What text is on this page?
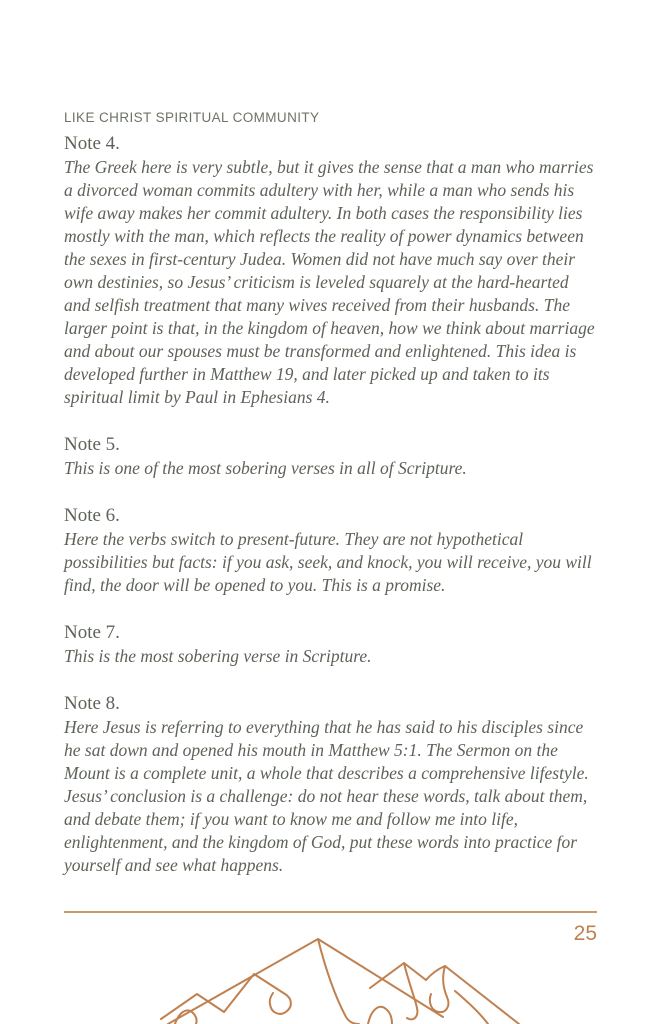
LIKE CHRIST SPIRITUAL COMMUNITY
Note 4.

The Greek here is very subtle, but it gives the sense that a man who marries a divorced woman commits adultery with her, while a man who sends his wife away makes her commit adultery. In both cases the responsibility lies mostly with the man, which reflects the reality of power dynamics between the sexes in first-century Judea. Women did not have much say over their own destinies, so Jesus’ criticism is leveled squarely at the hard-hearted and selfish treatment that many wives received from their husbands. The larger point is that, in the kingdom of heaven, how we think about marriage and about our spouses must be transformed and enlightened. This idea is developed further in Matthew 19, and later picked up and taken to its spiritual limit by Paul in Ephesians 4.

Note 5.

This is one of the most sobering verses in all of Scripture.

Note 6.

Here the verbs switch to present-future. They are not hypothetical possibilities but facts: if you ask, seek, and knock, you will receive, you will find, the door will be opened to you. This is a promise.

Note 7.

This is the most sobering verse in Scripture.

Note 8.

Here Jesus is referring to everything that he has said to his disciples since he sat down and opened his mouth in Matthew 5:1. The Sermon on the Mount is a complete unit, a whole that describes a comprehensive lifestyle. Jesus’ conclusion is a challenge: do not hear these words, talk about them, and debate them; if you want to know me and follow me into life, enlightenment, and the kingdom of God, put these words into practice for yourself and see what happens.

25
